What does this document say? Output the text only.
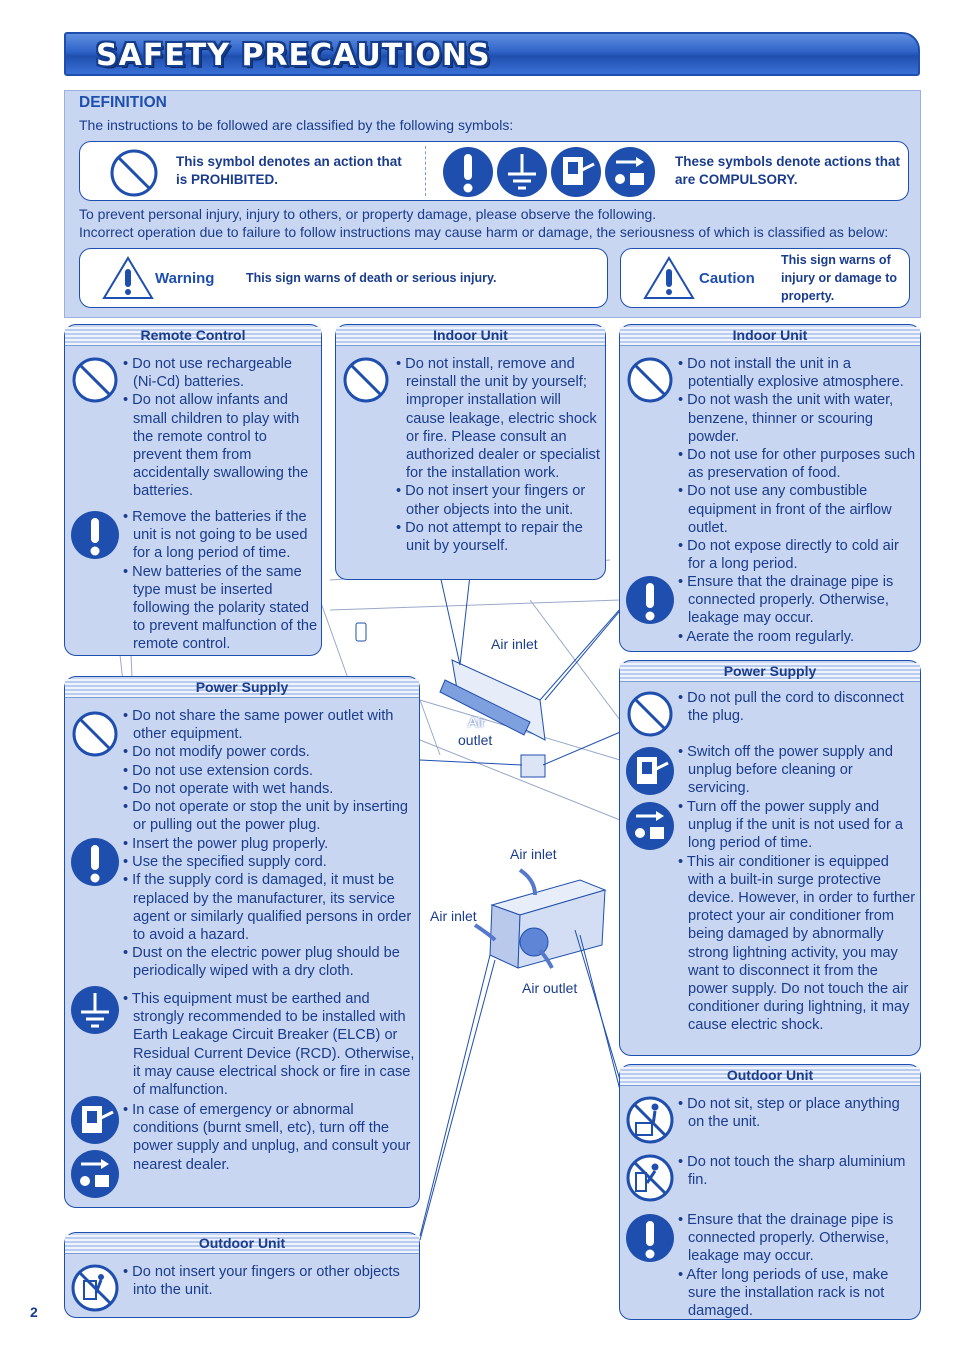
SAFETY PRECAUTIONS
DEFINITION
The instructions to be followed are classified by the following symbols:
This symbol denotes an action that is PROHIBITED.
These symbols denote actions that are COMPULSORY.
To prevent personal injury, injury to others, or property damage, please observe the following.
Incorrect operation due to failure to follow instructions may cause harm or damage, the seriousness of which is classified as below:
Warning	This sign warns of death or serious injury.	Caution
This sign warns of injury or damage to property.
Remote Control
• Do not use rechargeable (Ni-Cd) batteries.
• Do not allow infants and small children to play with the remote control to prevent them from accidentally swallowing the batteries.
• Remove the batteries if the unit is not going to be used for a long period of time.
• New batteries of the same type must be inserted following the polarity stated to prevent malfunction of the remote control.
Indoor Unit
• Do not install, remove and reinstall the unit by yourself; improper installation will cause leakage, electric shock or fire. Please consult an authorized dealer or specialist for the installation work.
• Do not insert your fingers or other objects into the unit.
• Do not attempt to repair the unit by yourself.
Indoor Unit
• Do not install the unit in a potentially explosive atmosphere.
• Do not wash the unit with water, benzene, thinner or scouring powder.
• Do not use for other purposes such as preservation of food.
• Do not use any combustible equipment in front of the airflow outlet.
• Do not expose directly to cold air for a long period.
• Ensure that the drainage pipe is connected properly. Otherwise, leakage may occur.
• Aerate the room regularly.
Power Supply
• Do not share the same power outlet with other equipment.
• Do not modify power cords.
• Do not use extension cords.
• Do not operate with wet hands.
• Do not operate or stop the unit by inserting or pulling out the power plug.
• Insert the power plug properly.
• Use the specified supply cord.
• If the supply cord is damaged, it must be replaced by the manufacturer, its service agent or similarly qualified persons in order to avoid a hazard.
• Dust on the electric power plug should be periodically wiped with a dry cloth.
• This equipment must be earthed and strongly recommended to be installed with Earth Leakage Circuit Breaker (ELCB) or Residual Current Device (RCD). Otherwise, it may cause electrical shock or fire in case of malfunction.
• In case of emergency or abnormal conditions (burnt smell, etc), turn off the power supply and unplug, and consult your nearest dealer.
Power Supply
• Do not pull the cord to disconnect the plug.
• Switch off the power supply and unplug before cleaning or servicing.
• Turn off the power supply and unplug if the unit is not used for a long period of time.
• This air conditioner is equipped with a built-in surge protective device. However, in order to further protect your air conditioner from being damaged by abnormally strong lightning activity, you may want to disconnect it from the power supply. Do not touch the air conditioner during lightning, it may cause electric shock.
Outdoor Unit
• Do not insert your fingers or other objects into the unit.
Outdoor Unit
• Do not sit, step or place anything on the unit.
• Do not touch the sharp aluminium fin.
• Ensure that the drainage pipe is connected properly. Otherwise, leakage may occur.
• After long periods of use, make sure the installation rack is not damaged.
Air inlet
Air
outlet
Air inlet
Air inlet
Air outlet
2
